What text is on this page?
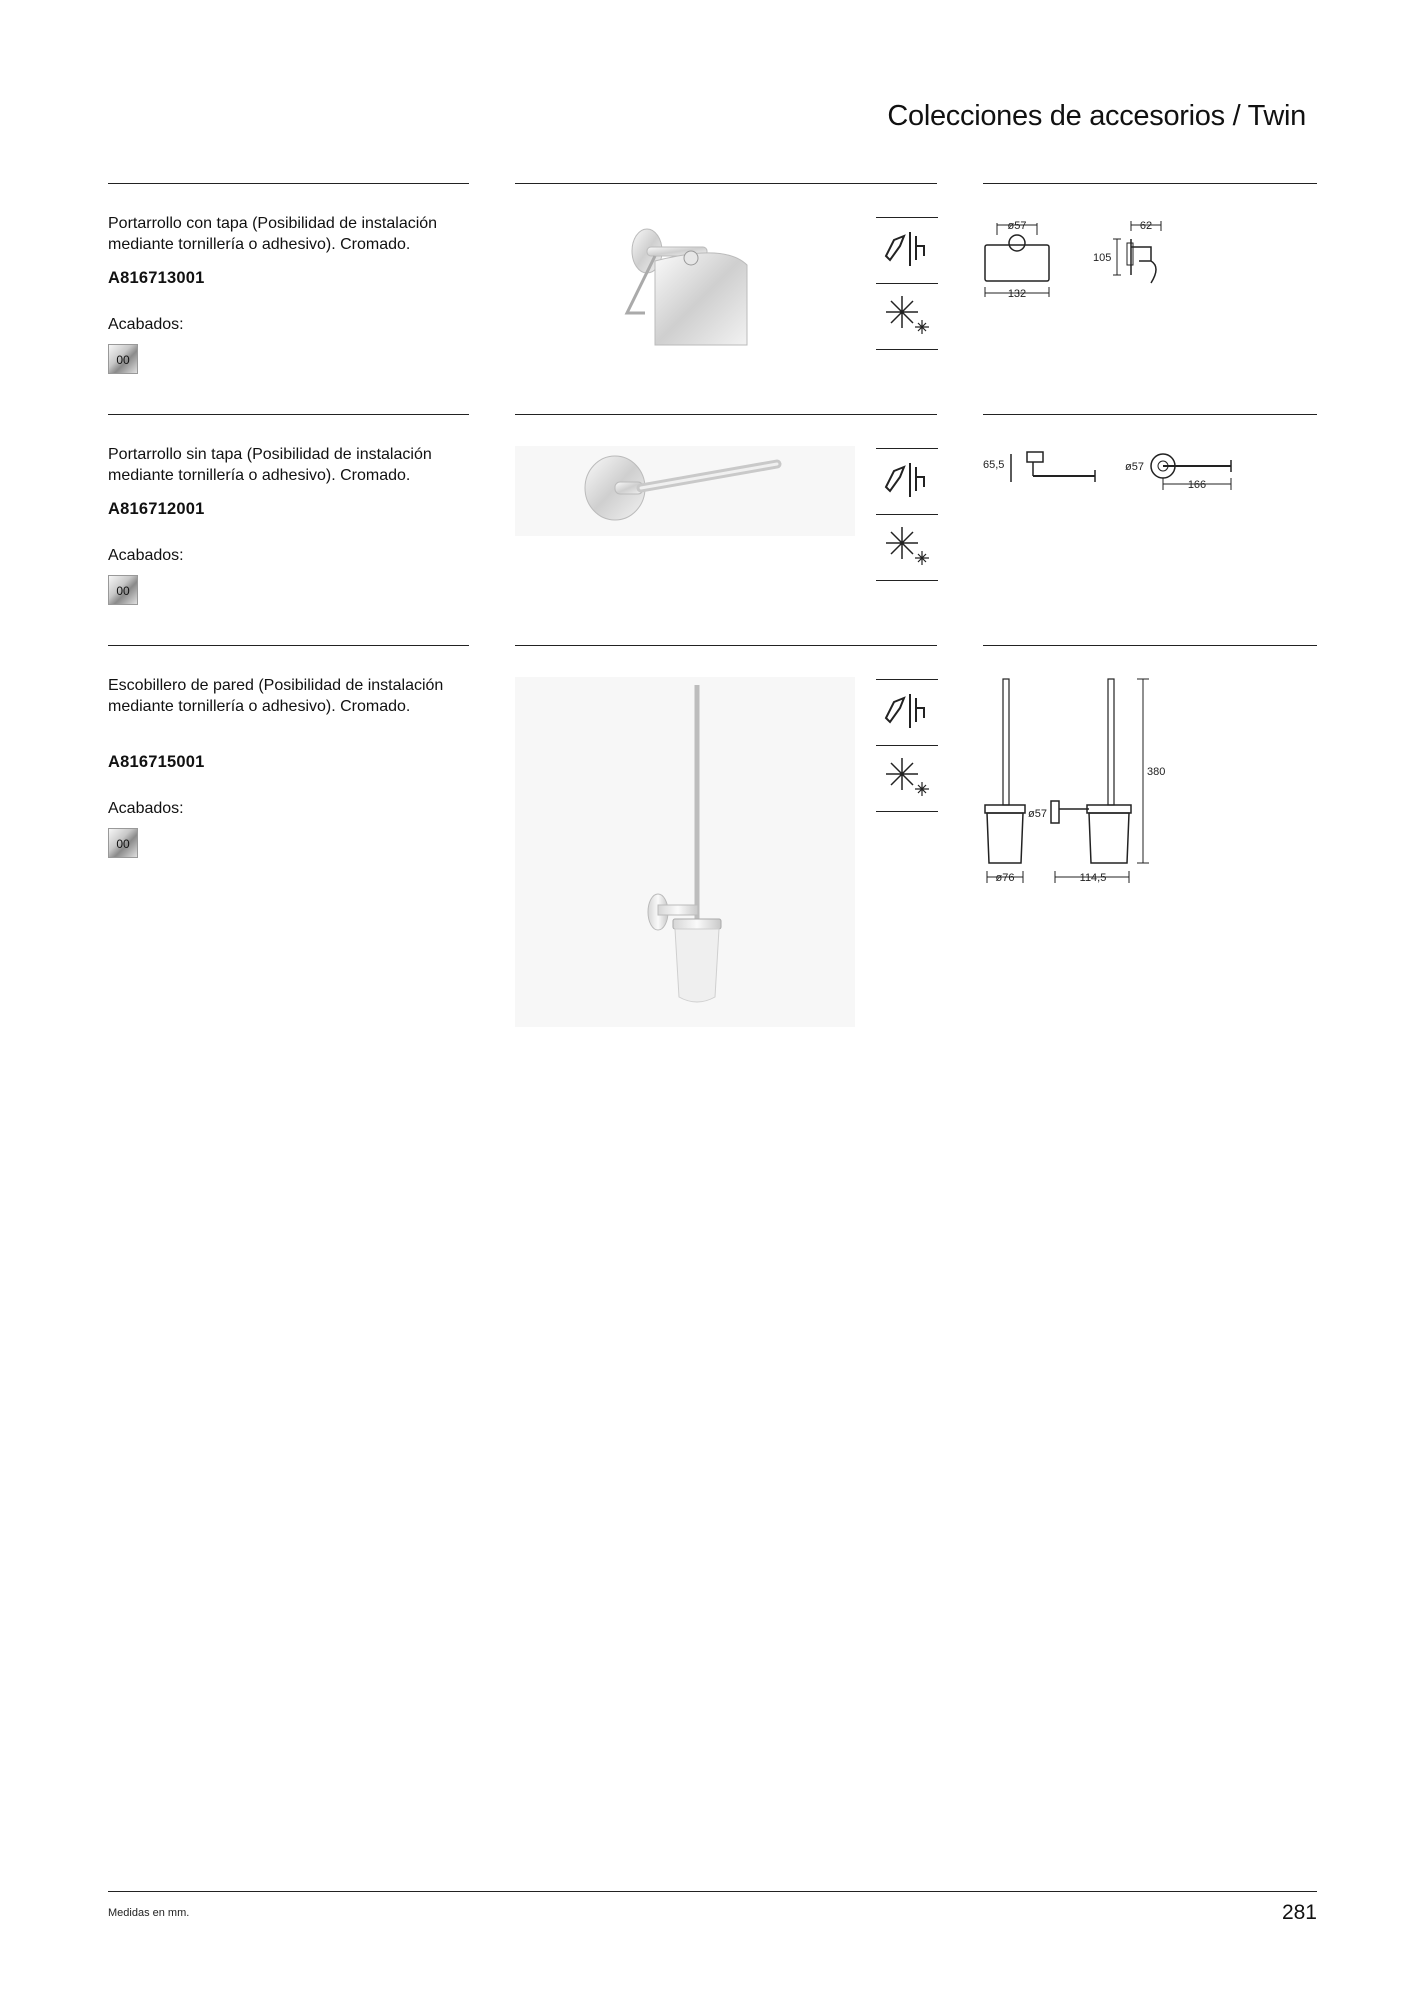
Colecciones de accesorios / Twin
Portarrollo con tapa (Posibilidad de instalación mediante tornillería o adhesivo). Cromado.
A816713001
Acabados:
00
ø57
132
105
62
Portarrollo sin tapa (Posibilidad de instalación mediante tornillería o adhesivo). Cromado.
A816712001
Acabados:
00
65,5	ø57
166
Escobillero de pared (Posibilidad de instalación mediante tornillería o adhesivo). Cromado.
A816715001
Acabados:
00
ø76
ø57
380
114,5
Medidas en mm.	281
